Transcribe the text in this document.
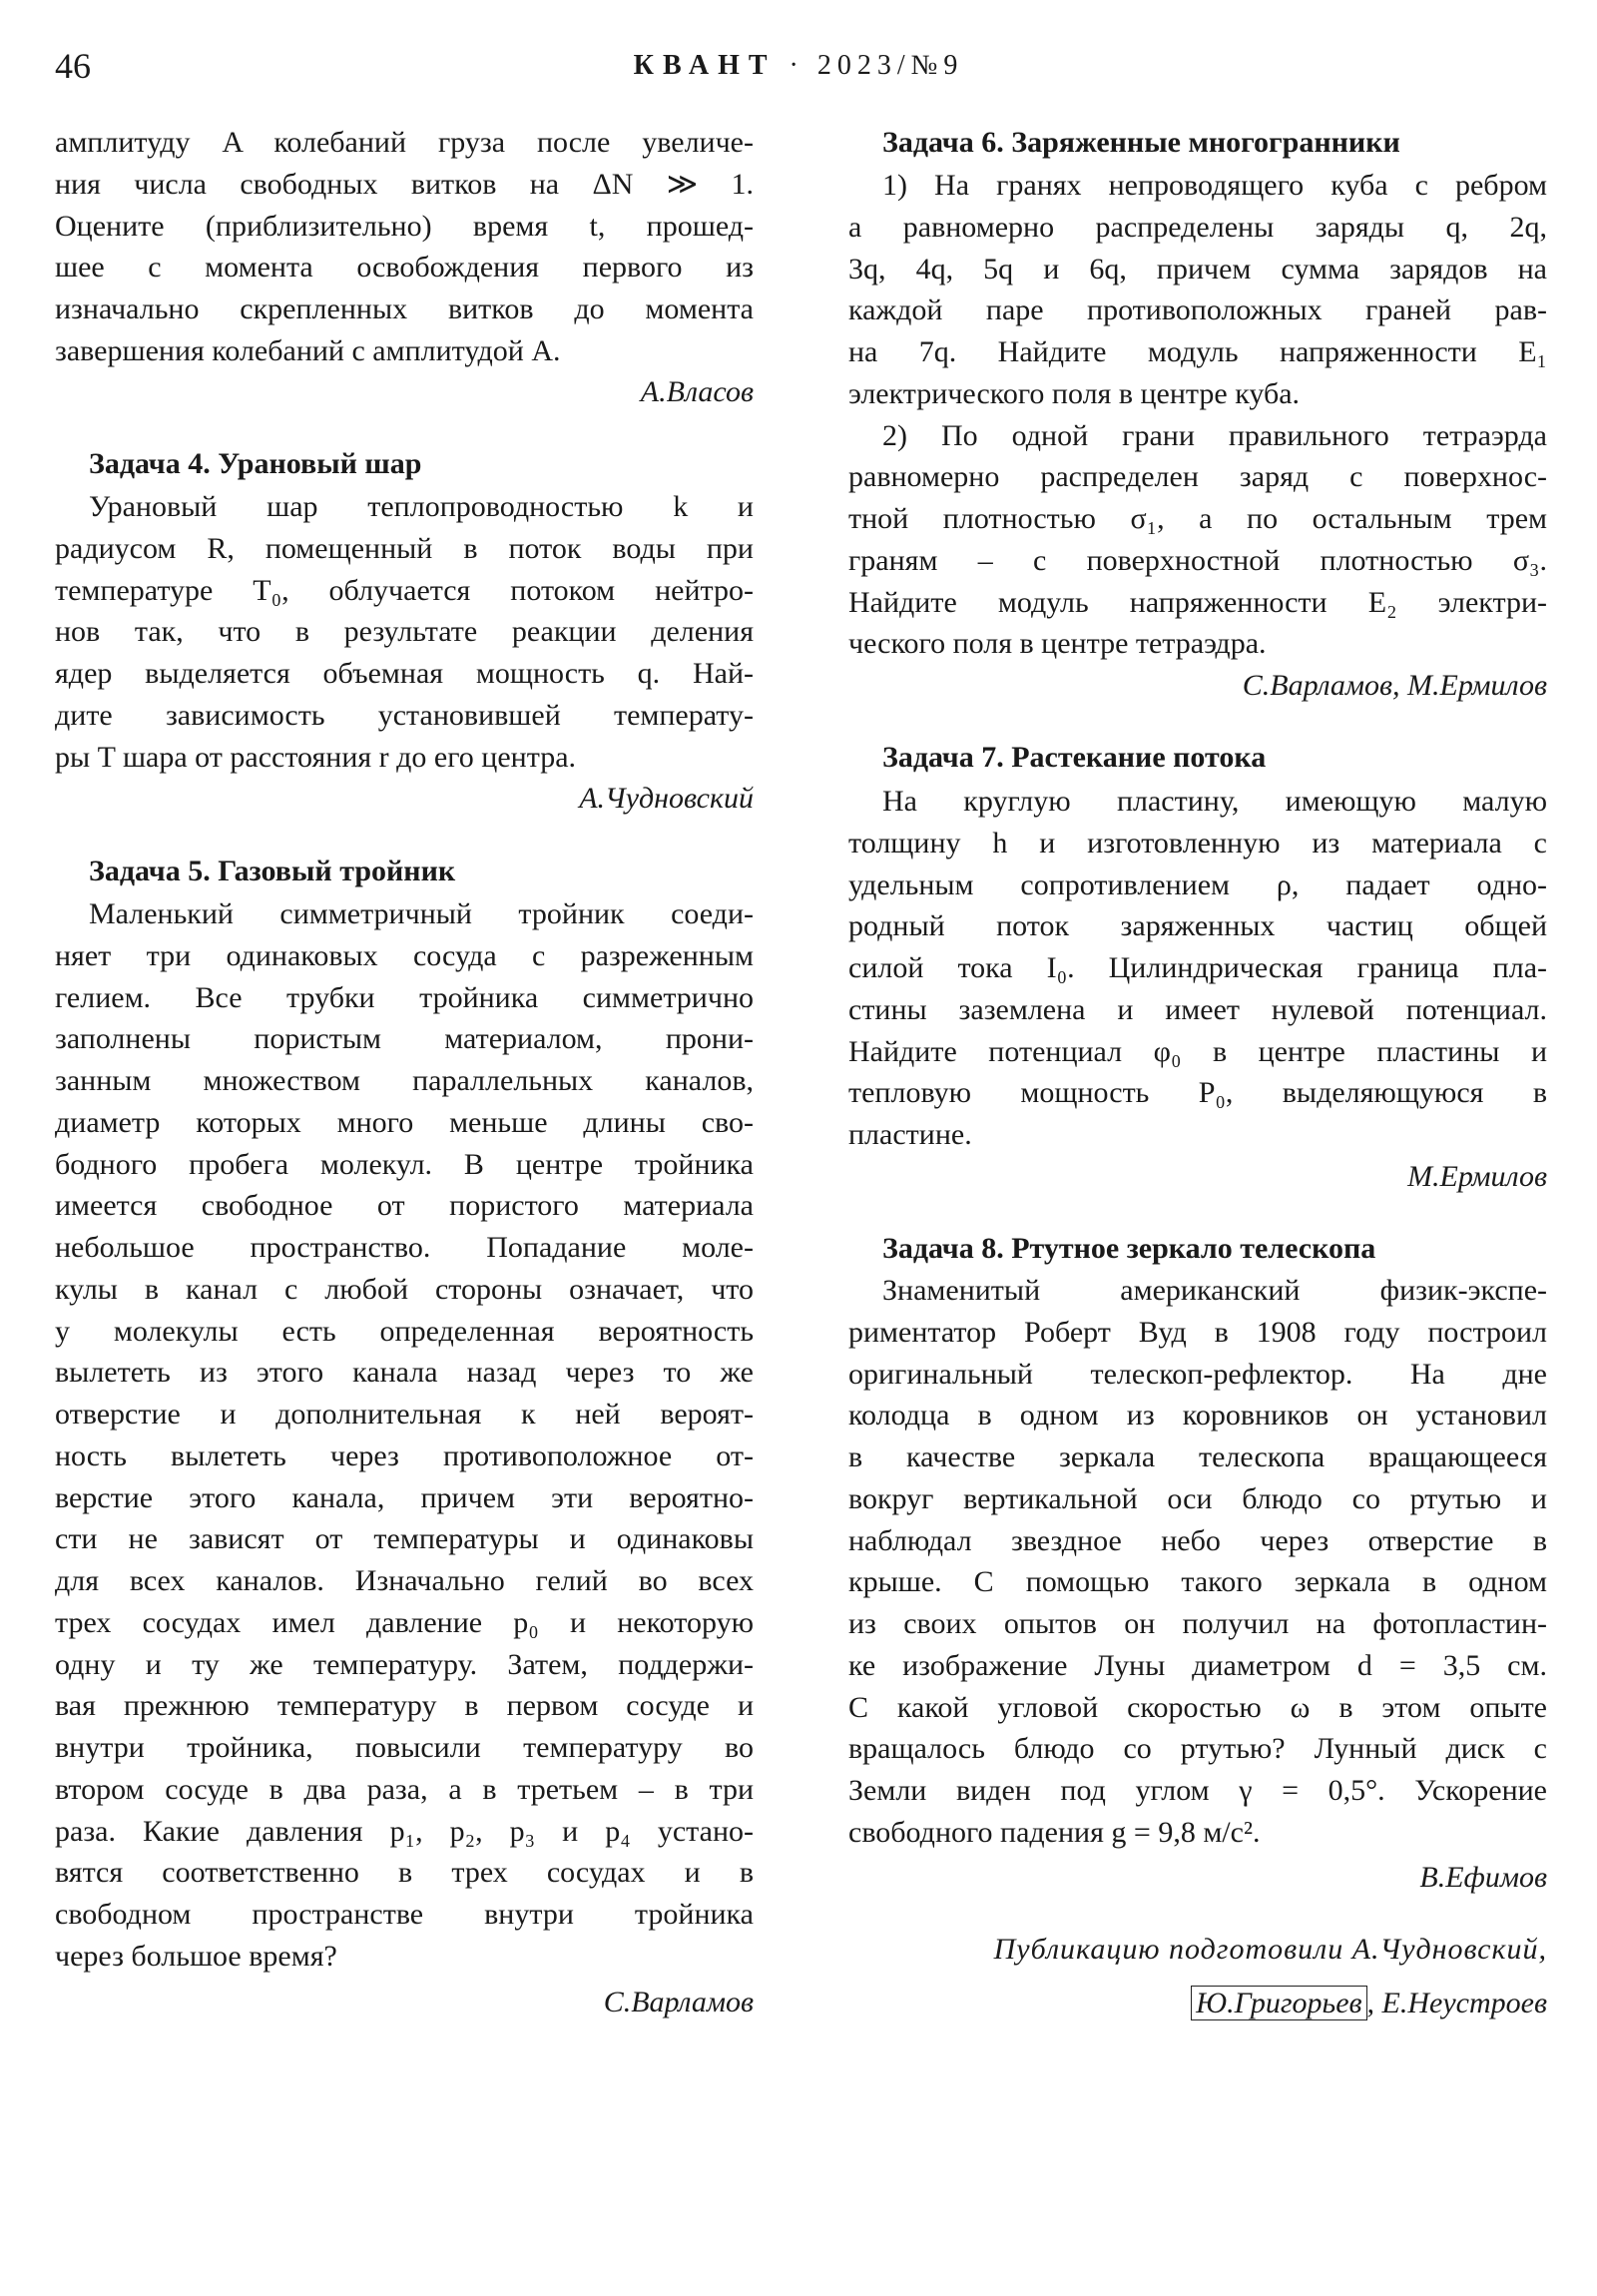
46	КВАНТ · 2023/№9
амплитуду A колебаний груза после увеличе-
ния числа свободных витков на ΔN ≫ 1.
Оцените (приблизительно) время t, прошед-
шее с момента освобождения первого из
изначально скрепленных витков до момента
завершения колебаний с амплитудой A.
А.Власов
Задача 4. Урановый шар
Урановый шар теплопроводностью k и
радиусом R, помещенный в поток воды при
температуре T₀, облучается потоком нейтро-
нов так, что в результате реакции деления
ядер выделяется объемная мощность q. Най-
дите зависимость установившей температу-
ры T шара от расстояния r до его центра.
А.Чудновский
Задача 5. Газовый тройник
Маленький симметричный тройник соеди-
няет три одинаковых сосуда с разреженным
гелием. Все трубки тройника симметрично
заполнены пористым материалом, прони-
занным множеством параллельных каналов,
диаметр которых много меньше длины сво-
бодного пробега молекул. В центре тройника
имеется свободное от пористого материала
небольшое пространство. Попадание моле-
кулы в канал с любой стороны означает, что
у молекулы есть определенная вероятность
вылететь из этого канала назад через то же
отверстие и дополнительная к ней вероят-
ность вылететь через противоположное от-
верстие этого канала, причем эти вероятно-
сти не зависят от температуры и одинаковы
для всех каналов. Изначально гелий во всех
трех сосудах имел давление p₀ и некоторую
одну и ту же температуру. Затем, поддержи-
вая прежнюю температуру в первом сосуде и
внутри тройника, повысили температуру во
втором сосуде в два раза, а в третьем – в три
раза. Какие давления p₁, p₂, p₃ и p₄ устано-
вятся соответственно в трех сосудах и в
свободном пространстве внутри тройника
через большое время?
С.Варламов
Задача 6. Заряженные многогранники
1) На гранях непроводящего куба с ребром
a равномерно распределены заряды q, 2q,
3q, 4q, 5q и 6q, причем сумма зарядов на
каждой паре противоположных граней рав-
на 7q. Найдите модуль напряженности E₁
электрического поля в центре куба.
2) По одной грани правильного тетраэрда
равномерно распределен заряд с поверхнос-
тной плотностью σ₁, а по остальным трем
граням – с поверхностной плотностью σ₃.
Найдите модуль напряженности E₂ электри-
ческого поля в центре тетраэдра.
С.Варламов, М.Ермилов
Задача 7. Растекание потока
На круглую пластину, имеющую малую
толщину h и изготовленную из материала с
удельным сопротивлением ρ, падает одно-
родный поток заряженных частиц общей
силой тока I₀. Цилиндрическая граница пла-
стины заземлена и имеет нулевой потенциал.
Найдите потенциал φ₀ в центре пластины и
тепловую мощность P₀, выделяющуюся в
пластине.
М.Ермилов
Задача 8. Ртутное зеркало телескопа
Знаменитый американский физик-экспе-
риментатор Роберт Вуд в 1908 году построил
оригинальный телескоп-рефлектор. На дне
колодца в одном из коровников он установил
в качестве зеркала телескопа вращающееся
вокруг вертикальной оси блюдо со ртутью и
наблюдал звездное небо через отверстие в
крыше. С помощью такого зеркала в одном
из своих опытов он получил на фотопластин-
ке изображение Луны диаметром d = 3,5 см.
С какой угловой скоростью ω в этом опыте
вращалось блюдо со ртутью? Лунный диск с
Земли виден под углом γ = 0,5°. Ускорение
свободного падения g = 9,8 м/с².
В.Ефимов
Публикацию подготовили А.Чудновский,
Ю.Григорьев , Е.Неустроев
